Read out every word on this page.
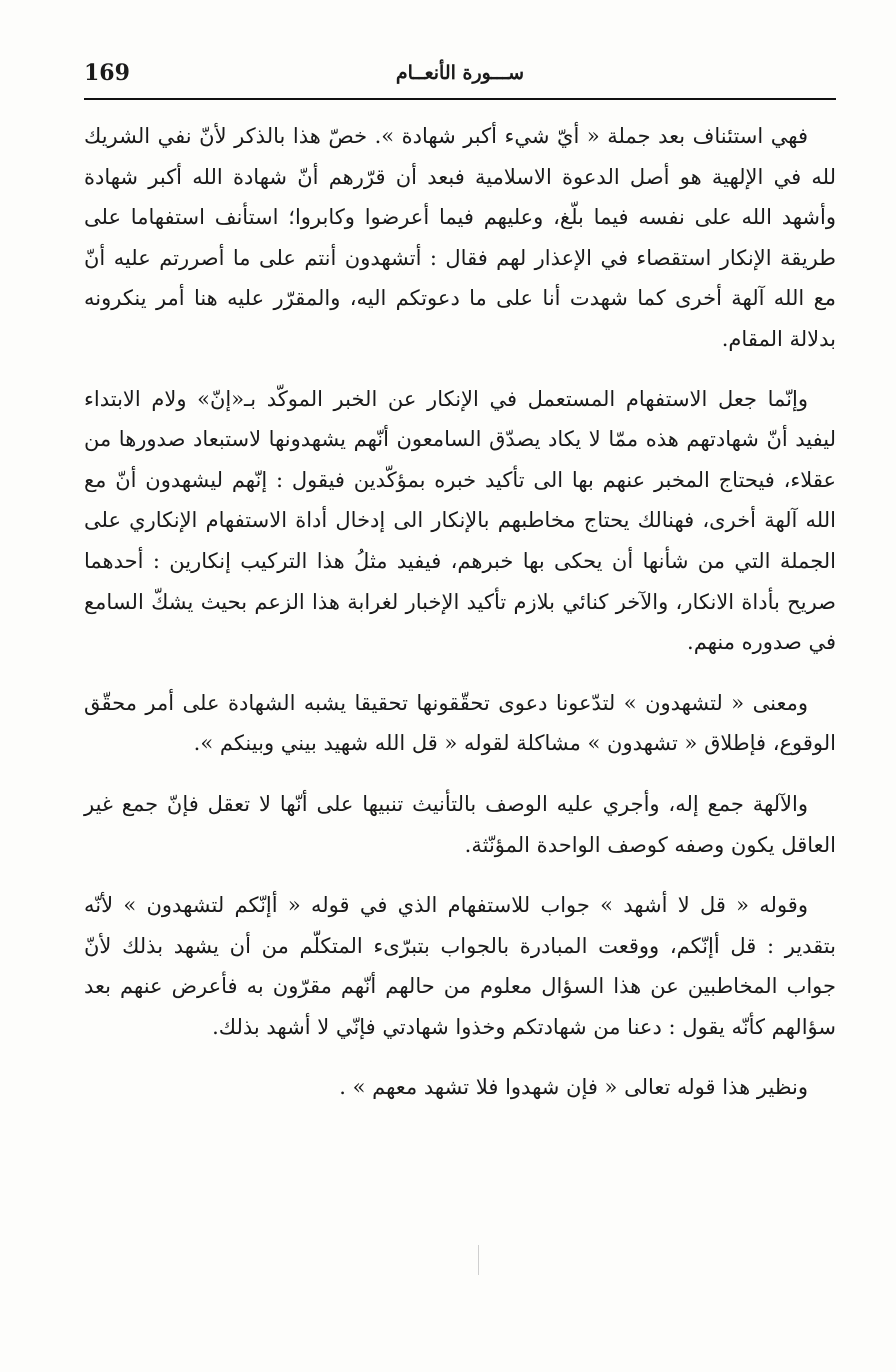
169	ســـورة الأنعــام

فهي استئناف بعد جملة « أيّ شيء أكبر شهادة ». خصّ هذا بالذكر لأنّ نفي الشريك لله في الإلهية هو أصل الدعوة الاسلامية فبعد أن قرّرهم أنّ شهادة الله أكبر شهادة وأشهد الله على نفسه فيما بلّغ، وعليهم فيما أعرضوا وكابروا؛ استأنف استفهاما على طريقة الإنكار استقصاء في الإعذار لهم فقال : أتشهدون أنتم على ما أصررتم عليه أنّ مع الله آلهة أخرى كما شهدت أنا على ما دعوتكم اليه، والمقرّر عليه هنا أمر ينكرونه بدلالة المقام.

وإنّما جعل الاستفهام المستعمل في الإنكار عن الخبر الموكّد بـ«إنّ» ولام الابتداء ليفيد أنّ شهادتهم هذه ممّا لا يكاد يصدّق السامعون أنّهم يشهدونها لاستبعاد صدورها من عقلاء، فيحتاج المخبر عنهم بها الى تأكيد خبره بمؤكّدين فيقول : إنّهم ليشهدون أنّ مع الله آلهة أخرى، فهنالك يحتاج مخاطبهم بالإنكار الى إدخال أداة الاستفهام الإنكاري على الجملة التي من شأنها أن يحكى بها خبرهم، فيفيد مثلُ هذا التركيب إنكارين : أحدهما صريح بأداة الانكار، والآخر كنائي بلازم تأكيد الإخبار لغرابة هذا الزعم بحيث يشكّ السامع في صدوره منهم.

ومعنى « لتشهدون » لتدّعونا دعوى تحقّقونها تحقيقا يشبه الشهادة على أمر محقّق الوقوع، فإطلاق « تشهدون » مشاكلة لقوله « قل الله شهيد بيني وبينكم ».

والآلهة جمع إله، وأجري عليه الوصف بالتأنيث تنبيها على أنّها لا تعقل فإنّ جمع غير العاقل يكون وصفه كوصف الواحدة المؤنّثة.

وقوله « قل لا أشهد » جواب للاستفهام الذي في قوله « أإنّكم لتشهدون » لأنّه بتقدير : قل أإنّكم، ووقعت المبادرة بالجواب بتبرّىء المتكلّم من أن يشهد بذلك لأنّ جواب المخاطبين عن هذا السؤال معلوم من حالهم أنّهم مقرّون به فأعرض عنهم بعد سؤالهم كأنّه يقول : دعنا من شهادتكم وخذوا شهادتي فإنّي لا أشهد بذلك.

ونظير هذا قوله تعالى « فإن شهدوا فلا تشهد معهم » .
